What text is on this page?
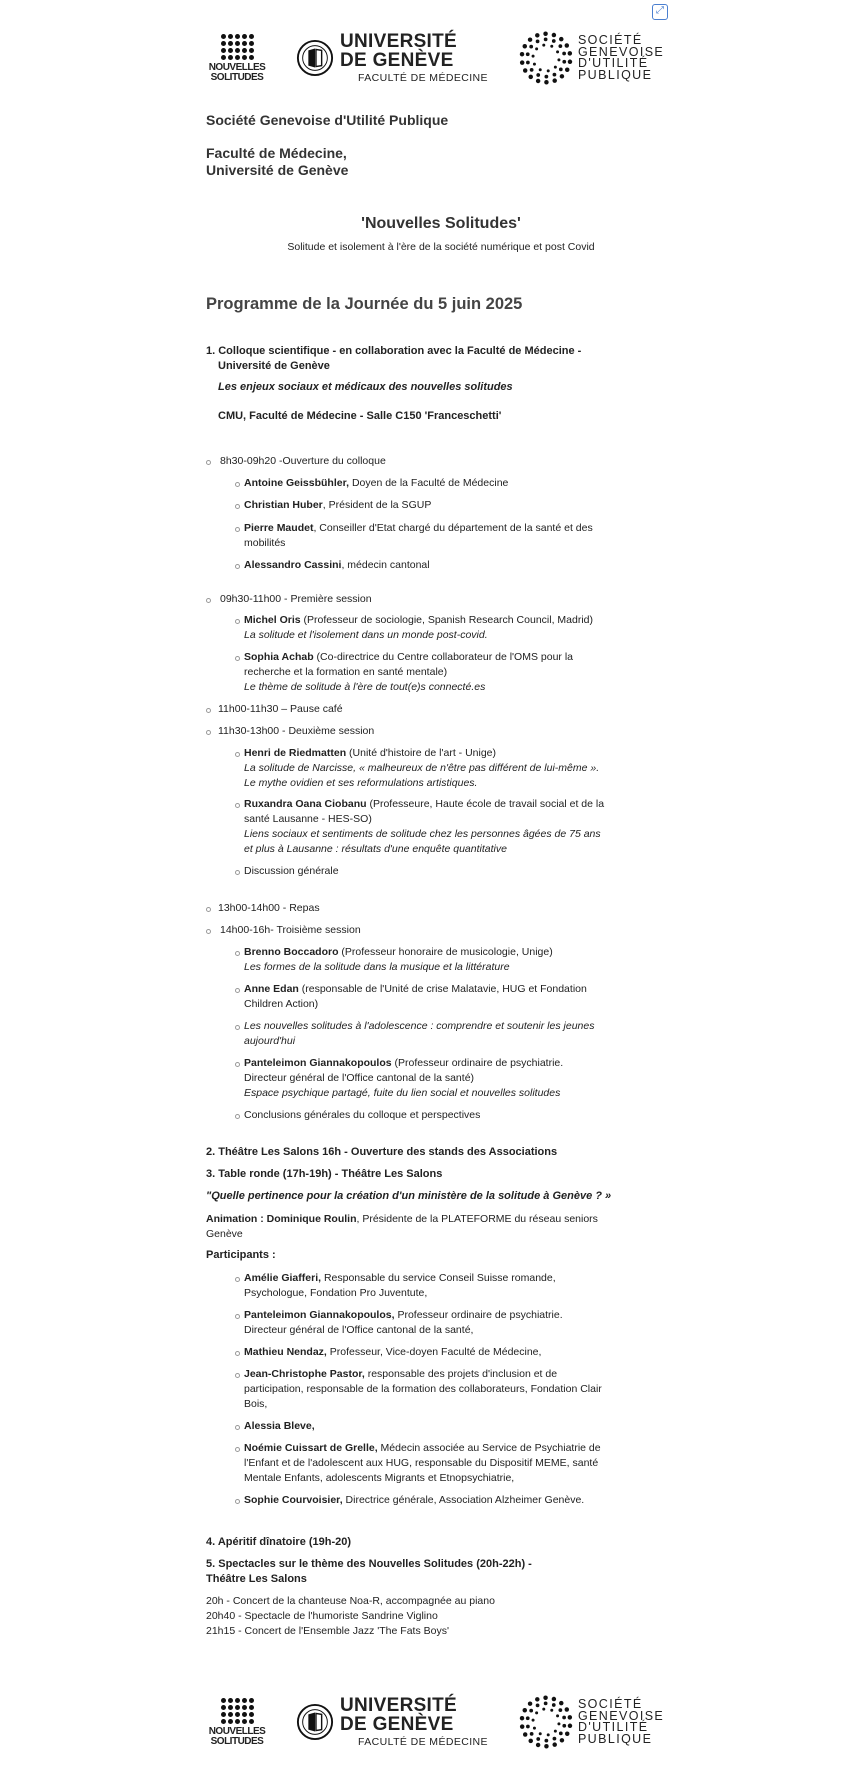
⤢
NOUVELLES
SOLITUDES
UNIVERSITÉ
DE GENÈVE
FACULTÉ DE MÉDECINE
SOCIÉTÉ
GENEVOISE
D'UTILITÉ
PUBLIQUE
Société Genevoise d'Utilité Publique
Faculté de Médecine,
Université de Genève
'Nouvelles Solitudes'
Solitude et isolement à l'ère de la société numérique et post Covid
Programme de la Journée du 5 juin 2025
1. Colloque scientifique - en collaboration avec la Faculté de Médecine -
Université de Genève
Les enjeux sociaux et médicaux des nouvelles solitudes
CMU, Faculté de Médecine - Salle C150 'Franceschetti'
8h30-09h20 -Ouverture du colloque
Antoine Geissbühler, Doyen de la Faculté de Médecine
Christian Huber, Président de la SGUP
Pierre Maudet, Conseiller d'Etat chargé du département de la santé et des
mobilités
Alessandro Cassini, médecin cantonal
09h30-11h00 - Première session
Michel Oris (Professeur de sociologie, Spanish Research Council, Madrid)
La solitude et l'isolement dans un monde post-covid.
Sophia Achab (Co-directrice du Centre collaborateur de l'OMS pour la
recherche et la formation en santé mentale)
Le thème de solitude à l'ère de tout(e)s connecté.es
11h00-11h30 – Pause café
11h30-13h00 - Deuxième session
Henri de Riedmatten (Unité d'histoire de l'art - Unige)
La solitude de Narcisse, « malheureux de n'être pas différent de lui-même ».
Le mythe ovidien et ses reformulations artistiques.
Ruxandra Oana Ciobanu (Professeure, Haute école de travail social et de la
santé Lausanne - HES-SO)
Liens sociaux et sentiments de solitude chez les personnes âgées de 75 ans
et plus à Lausanne : résultats d'une enquête quantitative
Discussion générale
13h00-14h00 - Repas
14h00-16h- Troisième session
Brenno Boccadoro (Professeur honoraire de musicologie, Unige)
Les formes de la solitude dans la musique et la littérature
Anne Edan (responsable de l'Unité de crise Malatavie, HUG et Fondation
Children Action)
Les nouvelles solitudes à l'adolescence : comprendre et soutenir les jeunes
aujourd'hui
Panteleimon Giannakopoulos (Professeur ordinaire de psychiatrie.
Directeur général de l'Office cantonal de la santé)
Espace psychique partagé, fuite du lien social et nouvelles solitudes
Conclusions générales du colloque et perspectives
2. Théâtre Les Salons 16h - Ouverture des stands des Associations
3. Table ronde (17h-19h) - Théâtre Les Salons
"Quelle pertinence pour la création d'un ministère de la solitude à Genève ? »
Animation : Dominique Roulin, Présidente de la PLATEFORME du réseau seniors
Genève
Participants :
Amélie Giafferi, Responsable du service Conseil Suisse romande,
Psychologue, Fondation Pro Juventute,
Panteleimon Giannakopoulos, Professeur ordinaire de psychiatrie.
Directeur général de l'Office cantonal de la santé,
Mathieu Nendaz, Professeur, Vice-doyen Faculté de Médecine,
Jean-Christophe Pastor, responsable des projets d'inclusion et de
participation, responsable de la formation des collaborateurs, Fondation Clair
Bois,
Alessia Bleve,
Noémie Cuissart de Grelle, Médecin associée au Service de Psychiatrie de
l'Enfant et de l'adolescent aux HUG, responsable du Dispositif MEME, santé
Mentale Enfants, adolescents Migrants et Etnopsychiatrie,
Sophie Courvoisier, Directrice générale, Association Alzheimer Genève.
4. Apéritif dînatoire (19h-20)
5. Spectacles sur le thème des Nouvelles Solitudes (20h-22h) -
Théâtre Les Salons
20h - Concert de la chanteuse Noa-R, accompagnée au piano
20h40 - Spectacle de l'humoriste Sandrine Viglino
21h15 - Concert de l'Ensemble Jazz 'The Fats Boys'
NOUVELLES
SOLITUDES
UNIVERSITÉ
DE GENÈVE
FACULTÉ DE MÉDECINE
SOCIÉTÉ
GENEVOISE
D'UTILITÉ
PUBLIQUE
